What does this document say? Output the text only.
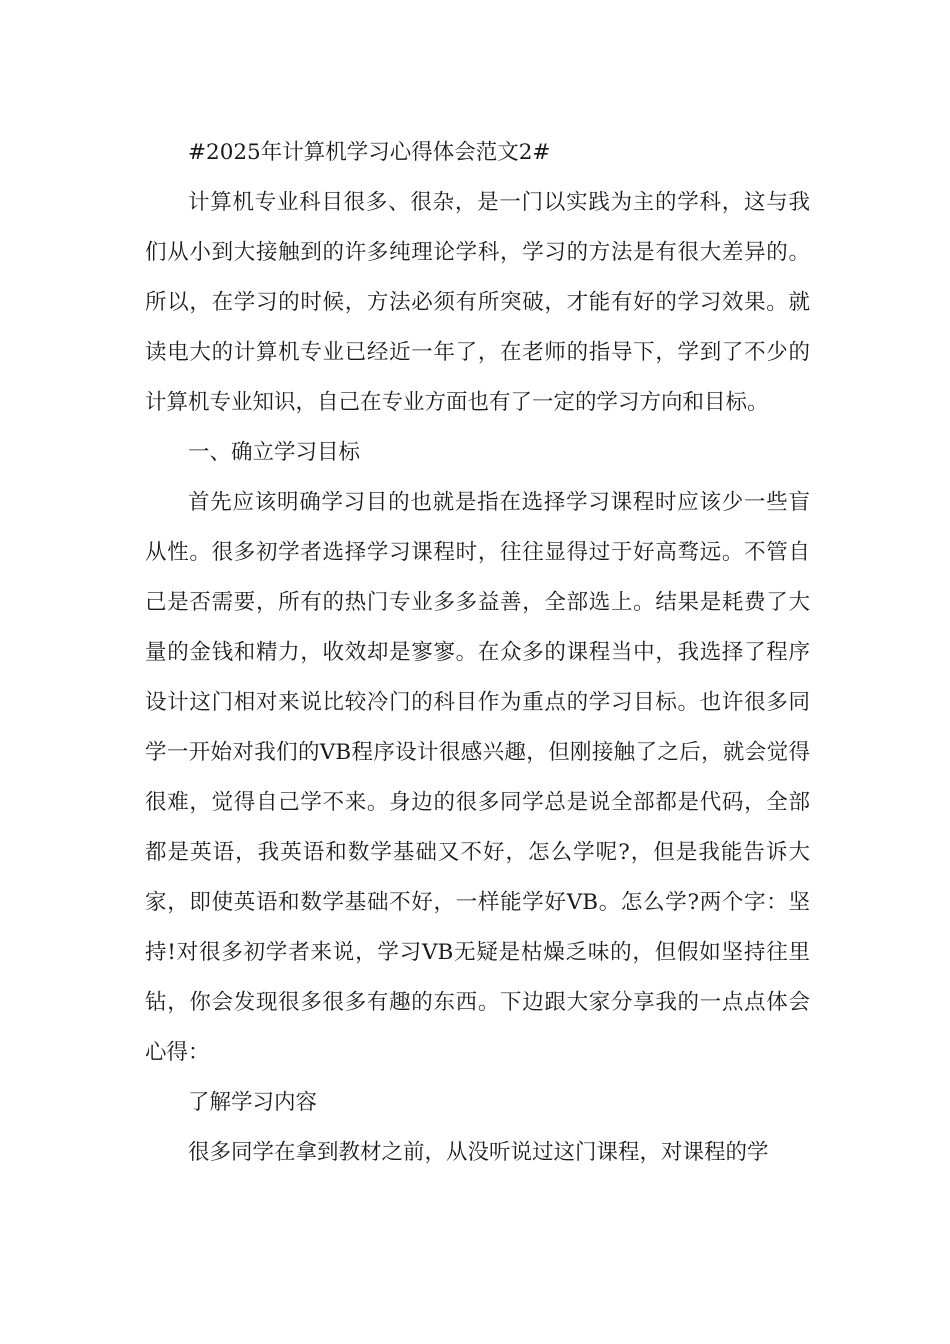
#2025年计算机学习心得体会范文2#

计算机专业科目很多、很杂，是一门以实践为主的学科，这与我们从小到大接触到的许多纯理论学科，学习的方法是有很大差异的。所以，在学习的时候，方法必须有所突破，才能有好的学习效果。就读电大的计算机专业已经近一年了，在老师的指导下，学到了不少的计算机专业知识，自己在专业方面也有了一定的学习方向和目标。

一、确立学习目标

首先应该明确学习目的也就是指在选择学习课程时应该少一些盲从性。很多初学者选择学习课程时，往往显得过于好高骛远。不管自己是否需要，所有的热门专业多多益善，全部选上。结果是耗费了大量的金钱和精力，收效却是寥寥。在众多的课程当中，我选择了程序设计这门相对来说比较冷门的科目作为重点的学习目标。也许很多同学一开始对我们的VB程序设计很感兴趣，但刚接触了之后，就会觉得很难，觉得自己学不来。身边的很多同学总是说全部都是代码，全部都是英语，我英语和数学基础又不好，怎么学呢?，但是我能告诉大家，即使英语和数学基础不好，一样能学好VB。怎么学?两个字：坚持!对很多初学者来说，学习VB无疑是枯燥乏味的，但假如坚持往里钻，你会发现很多很多有趣的东西。下边跟大家分享我的一点点体会心得：

了解学习内容

很多同学在拿到教材之前，从没听说过这门课程，对课程的学
